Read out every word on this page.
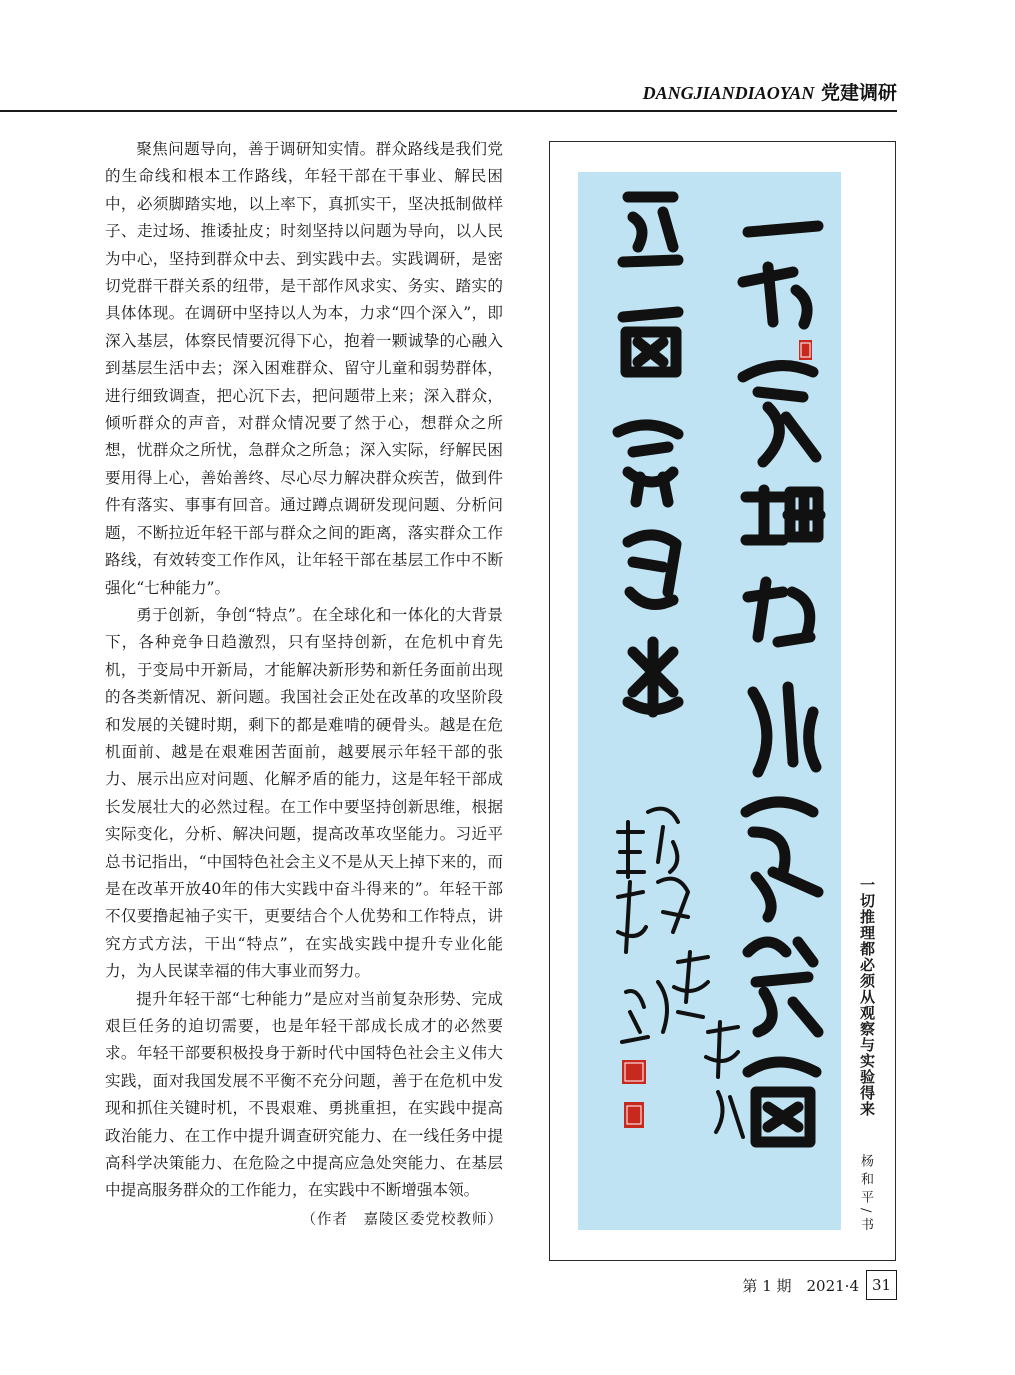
DANGJIANDIAOYAN 党建调研

聚焦问题导向，善于调研知实情。群众路线是我们党的生命线和根本工作路线，年轻干部在干事业、解民困中，必须脚踏实地，以上率下，真抓实干，坚决抵制做样子、走过场、推诿扯皮；时刻坚持以问题为导向，以人民为中心，坚持到群众中去、到实践中去。实践调研，是密切党群干群关系的纽带，是干部作风求实、务实、踏实的具体体现。在调研中坚持以人为本，力求“四个深入”，即深入基层，体察民情要沉得下心，抱着一颗诚挚的心融入到基层生活中去；深入困难群众、留守儿童和弱势群体，进行细致调查，把心沉下去，把问题带上来；深入群众，倾听群众的声音，对群众情况要了然于心，想群众之所想，忧群众之所忧，急群众之所急；深入实际，纾解民困要用得上心，善始善终、尽心尽力解决群众疾苦，做到件件有落实、事事有回音。通过蹲点调研发现问题、分析问题，不断拉近年轻干部与群众之间的距离，落实群众工作路线，有效转变工作作风，让年轻干部在基层工作中不断强化“七种能力”。

勇于创新，争创“特点”。在全球化和一体化的大背景下，各种竞争日趋激烈，只有坚持创新，在危机中育先机，于变局中开新局，才能解决新形势和新任务面前出现的各类新情况、新问题。我国社会正处在改革的攻坚阶段和发展的关键时期，剩下的都是难啃的硬骨头。越是在危机面前、越是在艰难困苦面前，越要展示年轻干部的张力、展示出应对问题、化解矛盾的能力，这是年轻干部成长发展壮大的必然过程。在工作中要坚持创新思维，根据实际变化，分析、解决问题，提高改革攻坚能力。习近平总书记指出，“中国特色社会主义不是从天上掉下来的，而是在改革开放40年的伟大实践中奋斗得来的”。年轻干部不仅要撸起袖子实干，更要结合个人优势和工作特点，讲究方式方法，干出“特点”，在实战实践中提升专业化能力，为人民谋幸福的伟大事业而努力。

提升年轻干部“七种能力”是应对当前复杂形势、完成艰巨任务的迫切需要，也是年轻干部成长成才的必然要求。年轻干部要积极投身于新时代中国特色社会主义伟大实践，面对我国发展不平衡不充分问题，善于在危机中发现和抓住关键时机，不畏艰难、勇挑重担，在实践中提高政治能力、在工作中提升调查研究能力、在一线任务中提高科学决策能力、在危险之中提高应急处突能力、在基层中提高服务群众的工作能力，在实践中不断增强本领。

（作者　嘉陵区委党校教师）
一切推理都必须从观察与实验得来
杨和平/书
第 1 期　2021·4 31
